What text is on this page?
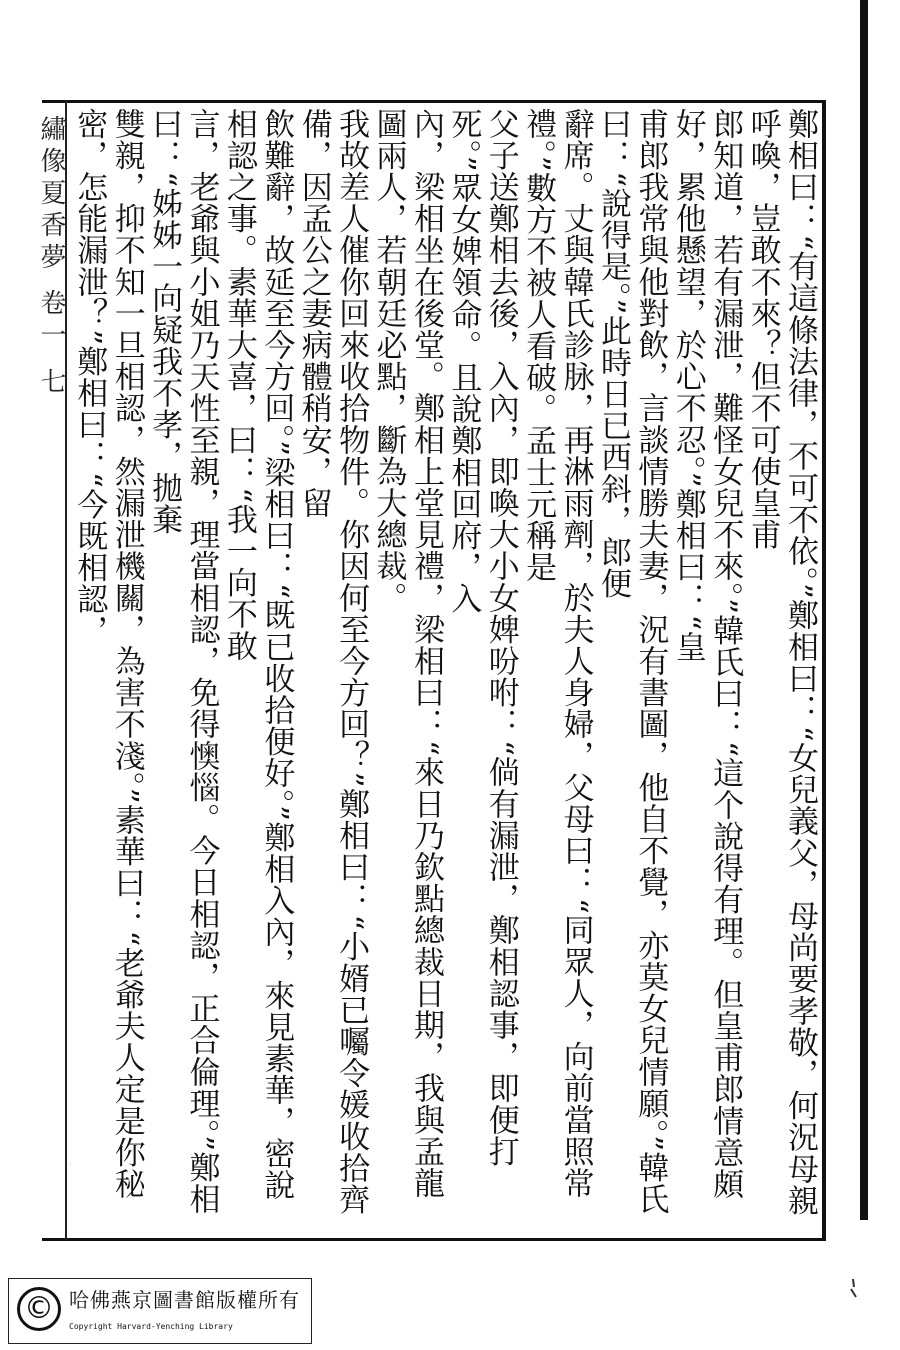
繡像夏香夢 卷一 七	鄭相曰：“有這條法律，不可不依。”鄭相曰：“女兒義父，母尚要孝敬，何況母親呼喚，豈敢不來？但不可使皇甫

郎知道，若有漏泄，難怪女兒不來。”韓氏曰：“這个說得有理。但皇甫郎情意頗好，累他懸望，於心不忍。”鄭相曰：“皇

甫郎我常與他對飲，言談情勝夫妻，況有書圖，他自不覺，亦莫女兒情願。”韓氏曰：“說得是。”此時日已西斜，郎便

辭席。丈與韓氏診脉，再淋雨劑，於夫人身婦，父母曰：“同眾人，向前當照常禮。”數方不被人看破。孟士元稱是

父子送鄭相去後，入內，即喚大小女婢吩咐：“倘有漏泄，鄭相認事，即便打死。”眾女婢領命。且說鄭相回府，入

內，梁相坐在後堂。鄭相上堂見禮，梁相曰：“來日乃欽點總裁日期，我與孟龍圖兩人，若朝廷必點，斷為大總裁。

我故差人催你回來收拾物件。你因何至今方回？”鄭相曰：“小婿已囑令媛收拾齊備，因孟公之妻病體稍安，留

飲難辭，故延至今方回。”梁相曰：“既已收拾便好。”鄭相入內，來見素華，密說相認之事。素華大喜，曰：“我一向不敢

言，老爺與小姐乃天性至親，理當相認，免得懊惱。今日相認，正合倫理。”鄭相曰：“姊姊一向疑我不孝，拋棄

雙親，抑不知一旦相認，然漏泄機關，為害不淺。”素華曰：“老爺夫人定是你秘密，怎能漏泄？”鄭相曰：“今既相認，

© 哈佛燕京圖書館版權所有
Copyright Harvard-Yenching Library
